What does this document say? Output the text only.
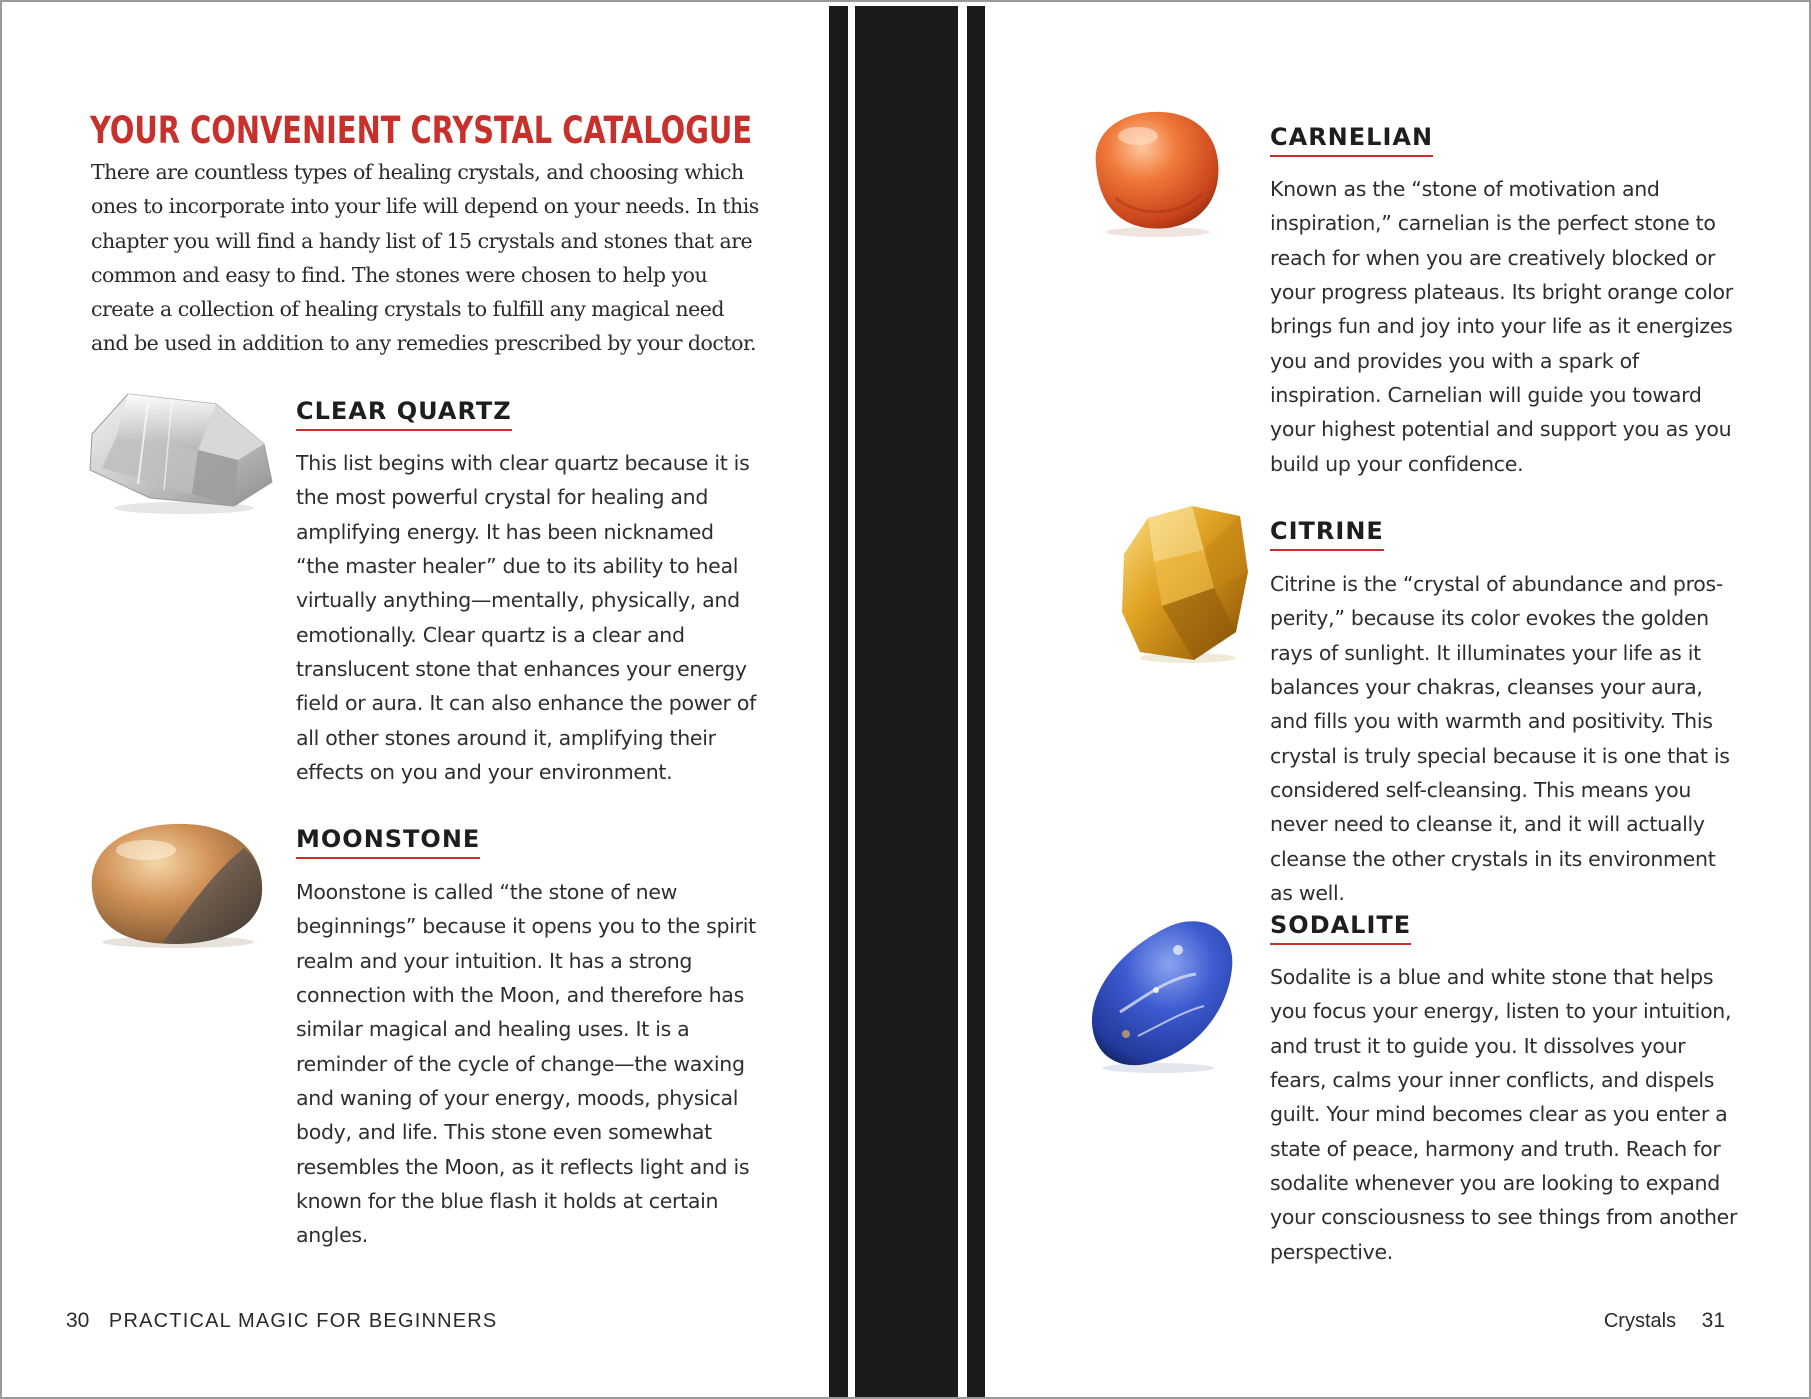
YOUR CONVENIENT CRYSTAL CATALOGUE

There are countless types of healing crystals, and choosing which ones to incorporate into your life will depend on your needs. In this chapter you will find a handy list of 15 crystals and stones that are common and easy to find. The stones were chosen to help you create a collection of healing crystals to fulfill any magical need and be used in addition to any remedies prescribed by your doctor.

CLEAR QUARTZ

This list begins with clear quartz because it is the most powerful crystal for healing and amplifying energy. It has been nicknamed “the master healer” due to its ability to heal virtually anything—mentally, physically, and emotionally. Clear quartz is a clear and translucent stone that enhances your energy field or aura. It can also enhance the power of all other stones around it, amplifying their effects on you and your environment.

MOONSTONE

Moonstone is called “the stone of new beginnings” because it opens you to the spirit realm and your intuition. It has a strong connection with the Moon, and therefore has similar magical and healing uses. It is a reminder of the cycle of change—the waxing and waning of your energy, moods, physical body, and life. This stone even somewhat resembles the Moon, as it reflects light and is known for the blue flash it holds at certain angles.

30 PRACTICAL MAGIC FOR BEGINNERS
CARNELIAN

Known as the “stone of motivation and inspiration,” carnelian is the perfect stone to reach for when you are creatively blocked or your progress plateaus. Its bright orange color brings fun and joy into your life as it energizes you and provides you with a spark of inspiration. Carnelian will guide you toward your highest potential and support you as you build up your confidence.

CITRINE

Citrine is the “crystal of abundance and prosperity,” because its color evokes the golden rays of sunlight. It illuminates your life as it balances your chakras, cleanses your aura, and fills you with warmth and positivity. This crystal is truly special because it is one that is considered self-cleansing. This means you never need to cleanse it, and it will actually cleanse the other crystals in its environment as well.

SODALITE

Sodalite is a blue and white stone that helps you focus your energy, listen to your intuition, and trust it to guide you. It dissolves your fears, calms your inner conflicts, and dispels guilt. Your mind becomes clear as you enter a state of peace, harmony and truth. Reach for sodalite whenever you are looking to expand your consciousness to see things from another perspective.

Crystals 31
